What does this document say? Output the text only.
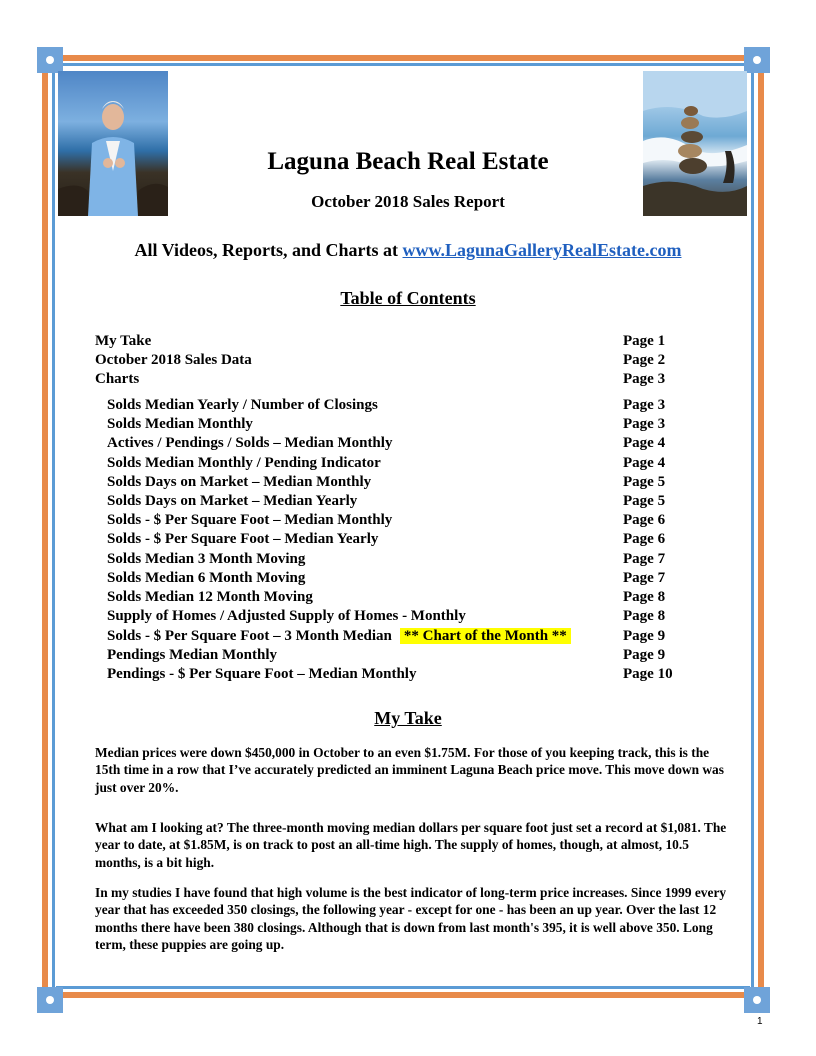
Laguna Beach Real Estate
October 2018 Sales Report
All Videos, Reports, and Charts at www.LagunaGalleryRealEstate.com
Table of Contents
My Take	Page 1
October 2018 Sales Data	Page 2
Charts	Page 3
Solds Median Yearly / Number of Closings	Page 3
Solds Median Monthly	Page 3
Actives / Pendings / Solds – Median Monthly	Page 4
Solds Median Monthly / Pending Indicator	Page 4
Solds Days on Market – Median Monthly	Page 5
Solds Days on Market – Median Yearly	Page 5
Solds - $ Per Square Foot – Median Monthly	Page 6
Solds - $ Per Square Foot – Median Yearly	Page 6
Solds Median 3 Month Moving	Page 7
Solds Median 6 Month Moving	Page 7
Solds Median 12 Month Moving	Page 8
Supply of Homes / Adjusted Supply of Homes - Monthly	Page 8
Solds - $ Per Square Foot – 3 Month Median ** Chart of the Month **	Page 9
Pendings Median Monthly	Page 9
Pendings - $ Per Square Foot – Median Monthly	Page 10
My Take
Median prices were down $450,000 in October to an even $1.75M. For those of you keeping track, this is the 15th time in a row that I’ve accurately predicted an imminent Laguna Beach price move. This move down was just over 20%.
What am I looking at? The three-month moving median dollars per square foot just set a record at $1,081. The year to date, at $1.85M, is on track to post an all-time high. The supply of homes, though, at almost, 10.5 months, is a bit high.
In my studies I have found that high volume is the best indicator of long-term price increases. Since 1999 every year that has exceeded 350 closings, the following year - except for one - has been an up year. Over the last 12 months there have been 380 closings. Although that is down from last month's 395, it is well above 350. Long term, these puppies are going up.
1
